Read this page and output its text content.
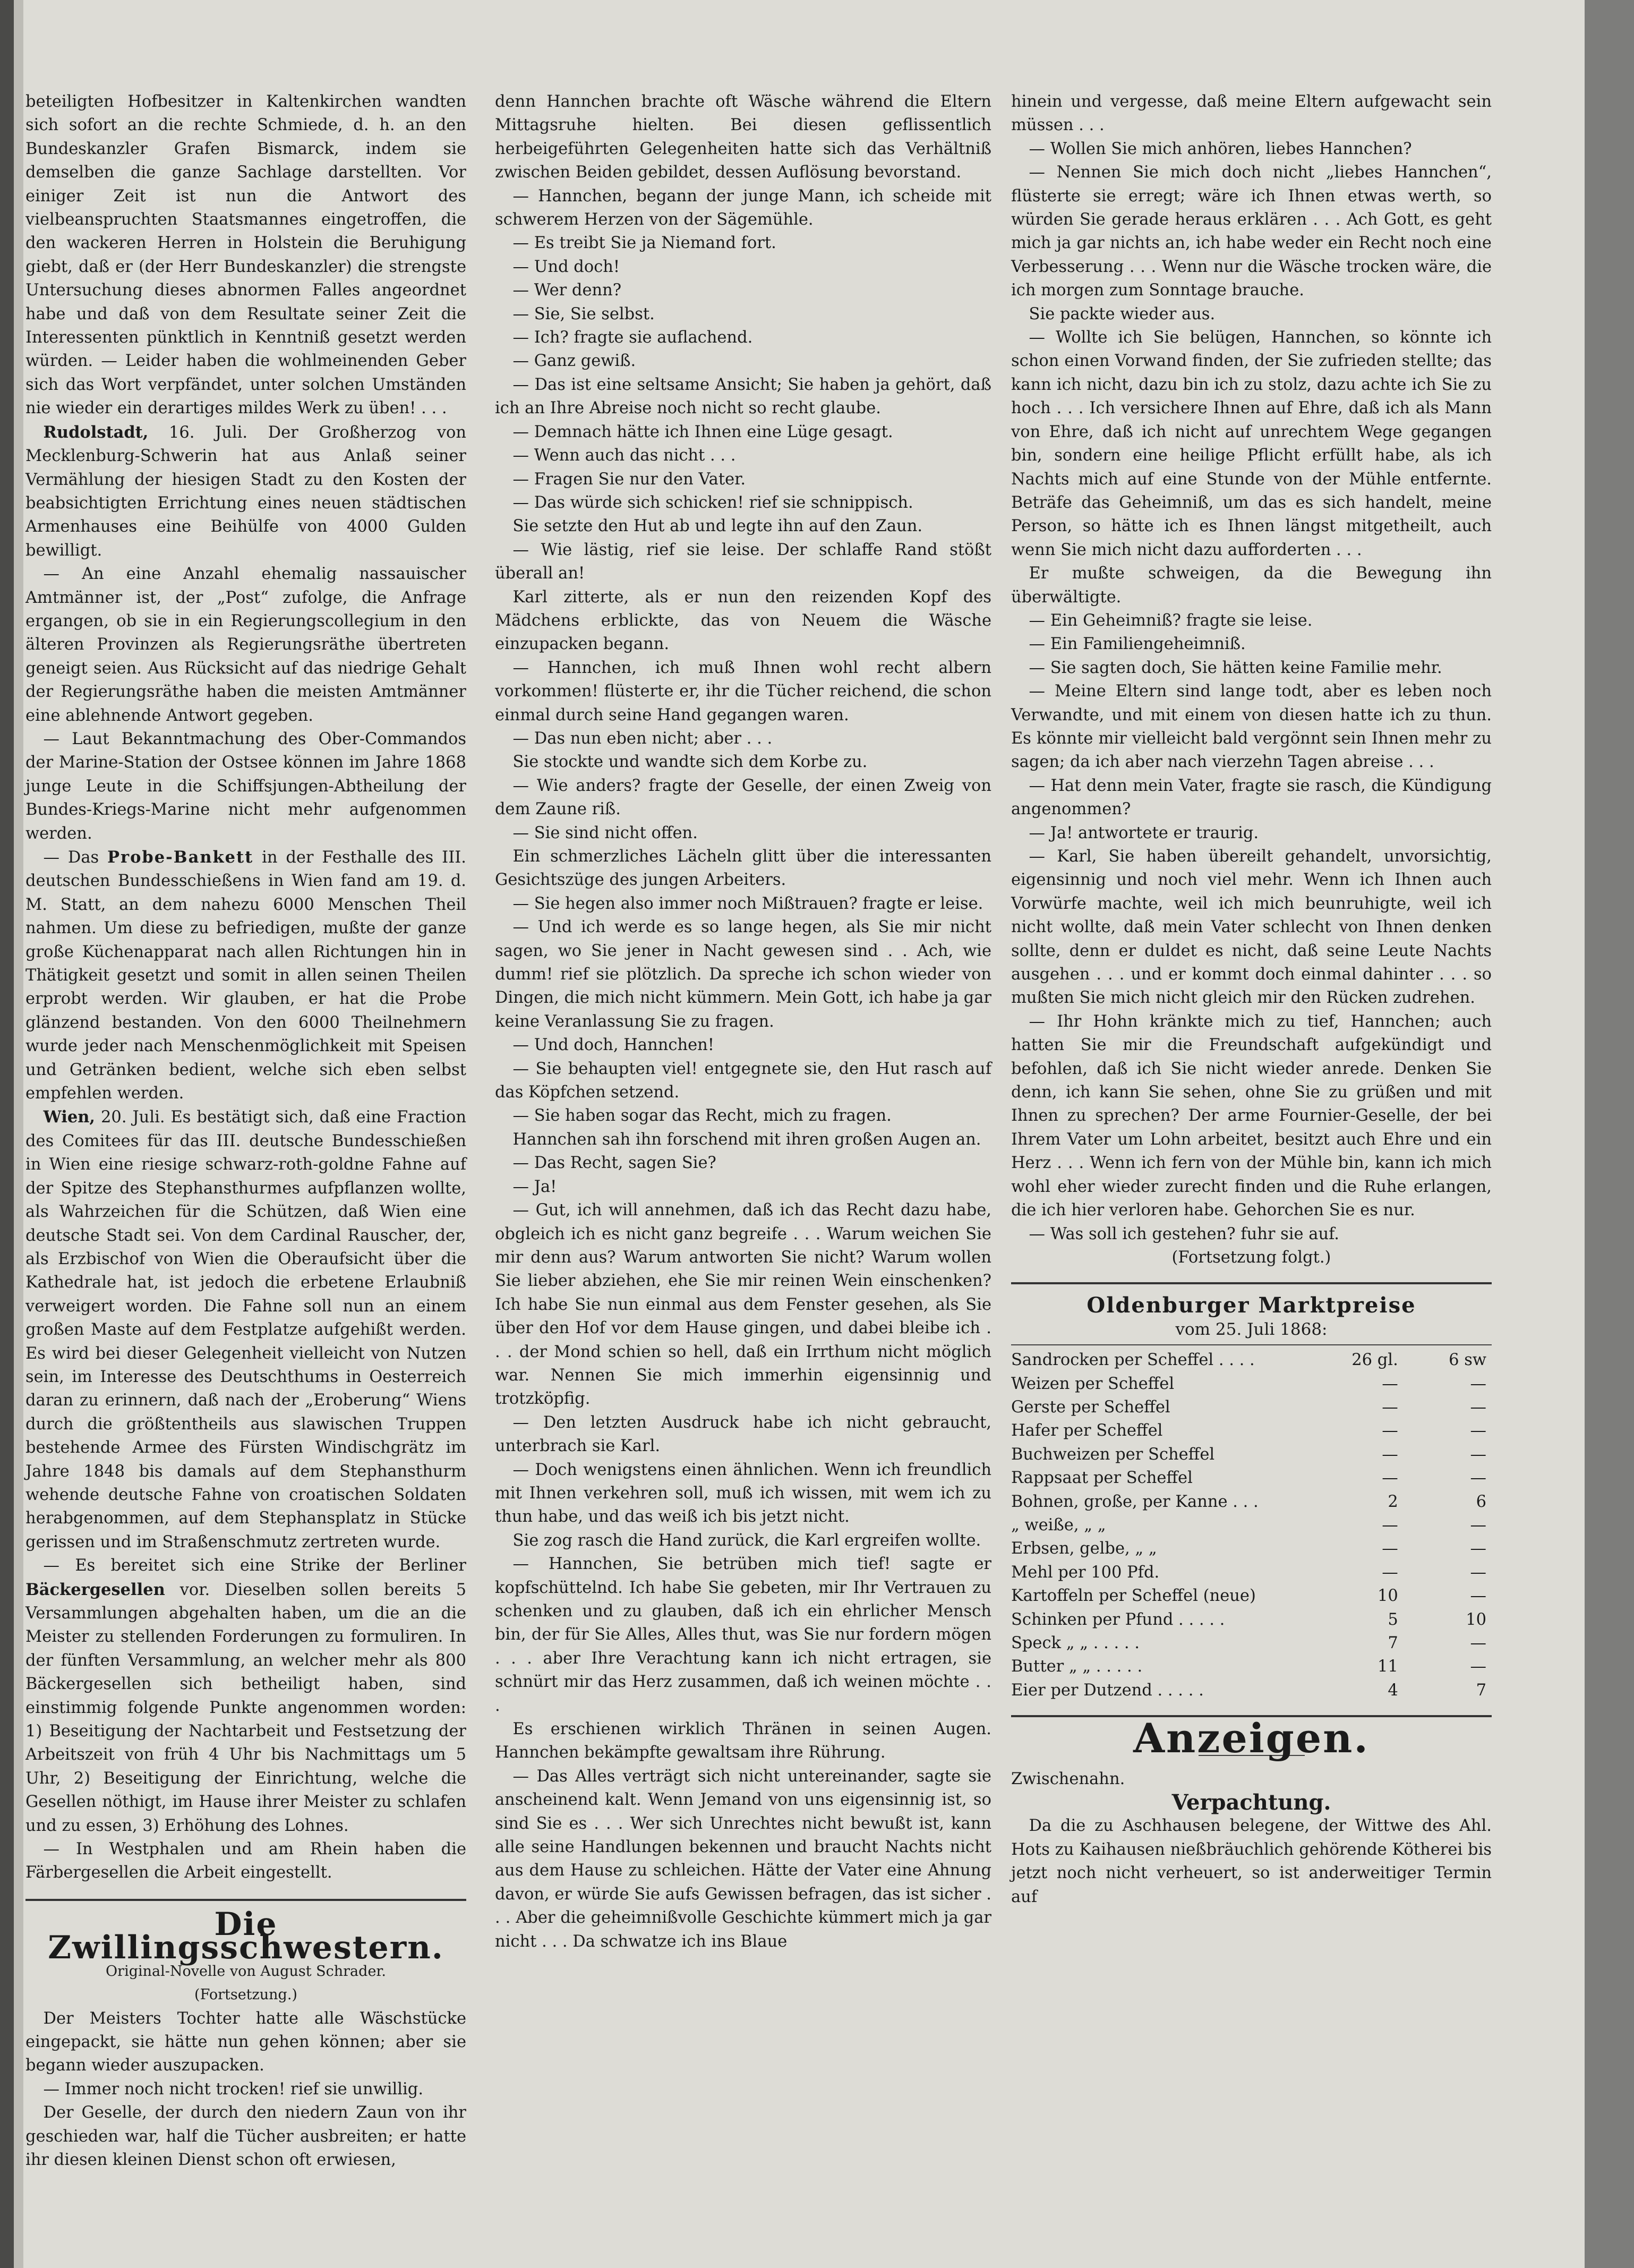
beteiligten Hofbesitzer in Kaltenkirchen wandten sich sofort an die rechte Schmiede, d. h. an den Bundeskanzler Grafen Bismarck, indem sie demselben die ganze Sachlage darstellten. Vor einiger Zeit ist nun die Antwort des vielbeanspruchten Staatsmannes eingetroffen, die den wackeren Herren in Holstein die Beruhigung giebt, daß er (der Herr Bundeskanzler) die strengste Untersuchung dieses abnormen Falles angeordnet habe und daß von dem Resultate seiner Zeit die Interessenten pünktlich in Kenntniß gesetzt werden würden. — Leider haben die wohlmeinenden Geber sich das Wort verpfändet, unter solchen Umständen nie wieder ein derartiges mildes Werk zu üben! . . .

Rudolstadt, 16. Juli. Der Großherzog von Mecklenburg-Schwerin hat aus Anlaß seiner Vermählung der hiesigen Stadt zu den Kosten der beabsichtigten Errichtung eines neuen städtischen Armenhauses eine Beihülfe von 4000 Gulden bewilligt.

— An eine Anzahl ehemalig nassauischer Amtmänner ist, der „Post“ zufolge, die Anfrage ergangen, ob sie in ein Regierungscollegium in den älteren Provinzen als Regierungsräthe übertreten geneigt seien. Aus Rücksicht auf das niedrige Gehalt der Regierungsräthe haben die meisten Amtmänner eine ablehnende Antwort gegeben.

— Laut Bekanntmachung des Ober-Commandos der Marine-Station der Ostsee können im Jahre 1868 junge Leute in die Schiffsjungen-Abtheilung der Bundes-Kriegs-Marine nicht mehr aufgenommen werden.

— Das Probe-Bankett in der Festhalle des III. deutschen Bundesschießens in Wien fand am 19. d. M. Statt, an dem nahezu 6000 Menschen Theil nahmen. Um diese zu befriedigen, mußte der ganze große Küchenapparat nach allen Richtungen hin in Thätigkeit gesetzt und somit in allen seinen Theilen erprobt werden. Wir glauben, er hat die Probe glänzend bestanden. Von den 6000 Theilnehmern wurde jeder nach Menschenmöglichkeit mit Speisen und Getränken bedient, welche sich eben selbst empfehlen werden.

Wien, 20. Juli. Es bestätigt sich, daß eine Fraction des Comitees für das III. deutsche Bundesschießen in Wien eine riesige schwarz-roth-goldne Fahne auf der Spitze des Stephansthurmes aufpflanzen wollte, als Wahrzeichen für die Schützen, daß Wien eine deutsche Stadt sei. Von dem Cardinal Rauscher, der, als Erzbischof von Wien die Oberaufsicht über die Kathedrale hat, ist jedoch die erbetene Erlaubniß verweigert worden. Die Fahne soll nun an einem großen Maste auf dem Festplatze aufgehißt werden. Es wird bei dieser Gelegenheit vielleicht von Nutzen sein, im Interesse des Deutschthums in Oesterreich daran zu erinnern, daß nach der „Eroberung“ Wiens durch die größtentheils aus slawischen Truppen bestehende Armee des Fürsten Windischgrätz im Jahre 1848 bis damals auf dem Stephansthurm wehende deutsche Fahne von croatischen Soldaten herabgenommen, auf dem Stephansplatz in Stücke gerissen und im Straßenschmutz zertreten wurde.

— Es bereitet sich eine Strike der Berliner Bäckergesellen vor. Dieselben sollen bereits 5 Versammlungen abgehalten haben, um die an die Meister zu stellenden Forderungen zu formuliren. In der fünften Versammlung, an welcher mehr als 800 Bäckergesellen sich betheiligt haben, sind einstimmig folgende Punkte angenommen worden: 1) Beseitigung der Nachtarbeit und Festsetzung der Arbeitszeit von früh 4 Uhr bis Nachmittags um 5 Uhr, 2) Beseitigung der Einrichtung, welche die Gesellen nöthigt, im Hause ihrer Meister zu schlafen und zu essen, 3) Erhöhung des Lohnes.

— In Westphalen und am Rhein haben die Färbergesellen die Arbeit eingestellt.

Die Zwillingsschwestern.
Original-Novelle von August Schrader.
(Fortsetzung.)

Der Meisters Tochter hatte alle Wäschstücke eingepackt, sie hätte nun gehen können; aber sie begann wieder auszupacken.

— Immer noch nicht trocken! rief sie unwillig.

Der Geselle, der durch den niedern Zaun von ihr geschieden war, half die Tücher ausbreiten; er hatte ihr diesen kleinen Dienst schon oft erwiesen,

denn Hannchen brachte oft Wäsche während die Eltern Mittagsruhe hielten. Bei diesen geflissentlich herbeigeführten Gelegenheiten hatte sich das Verhältniß zwischen Beiden gebildet, dessen Auflösung bevorstand.

— Hannchen, begann der junge Mann, ich scheide mit schwerem Herzen von der Sägemühle.

— Es treibt Sie ja Niemand fort.

— Und doch!

— Wer denn?

— Sie, Sie selbst.

— Ich? fragte sie auflachend.

— Ganz gewiß.

— Das ist eine seltsame Ansicht; Sie haben ja gehört, daß ich an Ihre Abreise noch nicht so recht glaube.

— Demnach hätte ich Ihnen eine Lüge gesagt.

— Wenn auch das nicht . . .

— Fragen Sie nur den Vater.

— Das würde sich schicken! rief sie schnippisch.

Sie setzte den Hut ab und legte ihn auf den Zaun.

— Wie lästig, rief sie leise. Der schlaffe Rand stößt überall an!

Karl zitterte, als er nun den reizenden Kopf des Mädchens erblickte, das von Neuem die Wäsche einzupacken begann.

— Hannchen, ich muß Ihnen wohl recht albern vorkommen! flüsterte er, ihr die Tücher reichend, die schon einmal durch seine Hand gegangen waren.

— Das nun eben nicht; aber . . .

Sie stockte und wandte sich dem Korbe zu.

— Wie anders? fragte der Geselle, der einen Zweig von dem Zaune riß.

— Sie sind nicht offen.

Ein schmerzliches Lächeln glitt über die interessanten Gesichtszüge des jungen Arbeiters.

— Sie hegen also immer noch Mißtrauen? fragte er leise.

— Und ich werde es so lange hegen, als Sie mir nicht sagen, wo Sie jener in Nacht gewesen sind . . Ach, wie dumm! rief sie plötzlich. Da spreche ich schon wieder von Dingen, die mich nicht kümmern. Mein Gott, ich habe ja gar keine Veranlassung Sie zu fragen.

— Und doch, Hannchen!

— Sie behaupten viel! entgegnete sie, den Hut rasch auf das Köpfchen setzend.

— Sie haben sogar das Recht, mich zu fragen.

Hannchen sah ihn forschend mit ihren großen Augen an.

— Das Recht, sagen Sie?

— Ja!

— Gut, ich will annehmen, daß ich das Recht dazu habe, obgleich ich es nicht ganz begreife . . . Warum weichen Sie mir denn aus? Warum antworten Sie nicht? Warum wollen Sie lieber abziehen, ehe Sie mir reinen Wein einschenken? Ich habe Sie nun einmal aus dem Fenster gesehen, als Sie über den Hof vor dem Hause gingen, und dabei bleibe ich . . . der Mond schien so hell, daß ein Irrthum nicht möglich war. Nennen Sie mich immerhin eigensinnig und trotzköpfig.

— Den letzten Ausdruck habe ich nicht gebraucht, unterbrach sie Karl.

— Doch wenigstens einen ähnlichen. Wenn ich freundlich mit Ihnen verkehren soll, muß ich wissen, mit wem ich zu thun habe, und das weiß ich bis jetzt nicht.

Sie zog rasch die Hand zurück, die Karl ergreifen wollte.

— Hannchen, Sie betrüben mich tief! sagte er kopfschüttelnd. Ich habe Sie gebeten, mir Ihr Vertrauen zu schenken und zu glauben, daß ich ein ehrlicher Mensch bin, der für Sie Alles, Alles thut, was Sie nur fordern mögen . . . aber Ihre Verachtung kann ich nicht ertragen, sie schnürt mir das Herz zusammen, daß ich weinen möchte . . .

Es erschienen wirklich Thränen in seinen Augen. Hannchen bekämpfte gewaltsam ihre Rührung.

— Das Alles verträgt sich nicht untereinander, sagte sie anscheinend kalt. Wenn Jemand von uns eigensinnig ist, so sind Sie es . . . Wer sich Unrechtes nicht bewußt ist, kann alle seine Handlungen bekennen und braucht Nachts nicht aus dem Hause zu schleichen. Hätte der Vater eine Ahnung davon, er würde Sie aufs Gewissen befragen, das ist sicher . . . Aber die geheimnißvolle Geschichte kümmert mich ja gar nicht . . . Da schwatze ich ins Blaue

hinein und vergesse, daß meine Eltern aufgewacht sein müssen . . .

— Wollen Sie mich anhören, liebes Hannchen?

— Nennen Sie mich doch nicht „liebes Hannchen“, flüsterte sie erregt; wäre ich Ihnen etwas werth, so würden Sie gerade heraus erklären . . . Ach Gott, es geht mich ja gar nichts an, ich habe weder ein Recht noch eine Verbesserung . . . Wenn nur die Wäsche trocken wäre, die ich morgen zum Sonntage brauche.

Sie packte wieder aus.

— Wollte ich Sie belügen, Hannchen, so könnte ich schon einen Vorwand finden, der Sie zufrieden stellte; das kann ich nicht, dazu bin ich zu stolz, dazu achte ich Sie zu hoch . . . Ich versichere Ihnen auf Ehre, daß ich als Mann von Ehre, daß ich nicht auf unrechtem Wege gegangen bin, sondern eine heilige Pflicht erfüllt habe, als ich Nachts mich auf eine Stunde von der Mühle entfernte. Beträfe das Geheimniß, um das es sich handelt, meine Person, so hätte ich es Ihnen längst mitgetheilt, auch wenn Sie mich nicht dazu aufforderten . . .

Er mußte schweigen, da die Bewegung ihn überwältigte.

— Ein Geheimniß? fragte sie leise.

— Ein Familiengeheimniß.

— Sie sagten doch, Sie hätten keine Familie mehr.

— Meine Eltern sind lange todt, aber es leben noch Verwandte, und mit einem von diesen hatte ich zu thun. Es könnte mir vielleicht bald vergönnt sein Ihnen mehr zu sagen; da ich aber nach vierzehn Tagen abreise . . .

— Hat denn mein Vater, fragte sie rasch, die Kündigung angenommen?

— Ja! antwortete er traurig.

— Karl, Sie haben übereilt gehandelt, unvorsichtig, eigensinnig und noch viel mehr. Wenn ich Ihnen auch Vorwürfe machte, weil ich mich beunruhigte, weil ich nicht wollte, daß mein Vater schlecht von Ihnen denken sollte, denn er duldet es nicht, daß seine Leute Nachts ausgehen . . . und er kommt doch einmal dahinter . . . so mußten Sie mich nicht gleich mir den Rücken zudrehen.

— Ihr Hohn kränkte mich zu tief, Hannchen; auch hatten Sie mir die Freundschaft aufgekündigt und befohlen, daß ich Sie nicht wieder anrede. Denken Sie denn, ich kann Sie sehen, ohne Sie zu grüßen und mit Ihnen zu sprechen? Der arme Fournier-Geselle, der bei Ihrem Vater um Lohn arbeitet, besitzt auch Ehre und ein Herz . . . Wenn ich fern von der Mühle bin, kann ich mich wohl eher wieder zurecht finden und die Ruhe erlangen, die ich hier verloren habe. Gehorchen Sie es nur.

— Was soll ich gestehen? fuhr sie auf.

(Fortsetzung folgt.)

Oldenburger Marktpreise
vom 25. Juli 1868:
Sandrocken per Scheffel . . . .	26 gl.	6 sw
Weizen per Scheffel	—	—
Gerste per Scheffel	—	—
Hafer per Scheffel	—	—
Buchweizen per Scheffel	—	—
Rappsaat per Scheffel	—	—
Bohnen, große, per Kanne . . .	2	6
„ weiße, „ „	—	—
Erbsen, gelbe, „ „	—	—
Mehl per 100 Pfd.	—	—
Kartoffeln per Scheffel (neue)	10	—
Schinken per Pfund . . . . .	5	10
Speck „ „ . . . . .	7	—
Butter „ „ . . . . .	11	—
Eier per Dutzend . . . . .	4	7
Anzeigen.

Zwischenahn.

Verpachtung.

Da die zu Aschhausen belegene, der Wittwe des Ahl. Hots zu Kaihausen nießbräuchlich gehörende Kötherei bis jetzt noch nicht verheuert, so ist anderweitiger Termin auf
